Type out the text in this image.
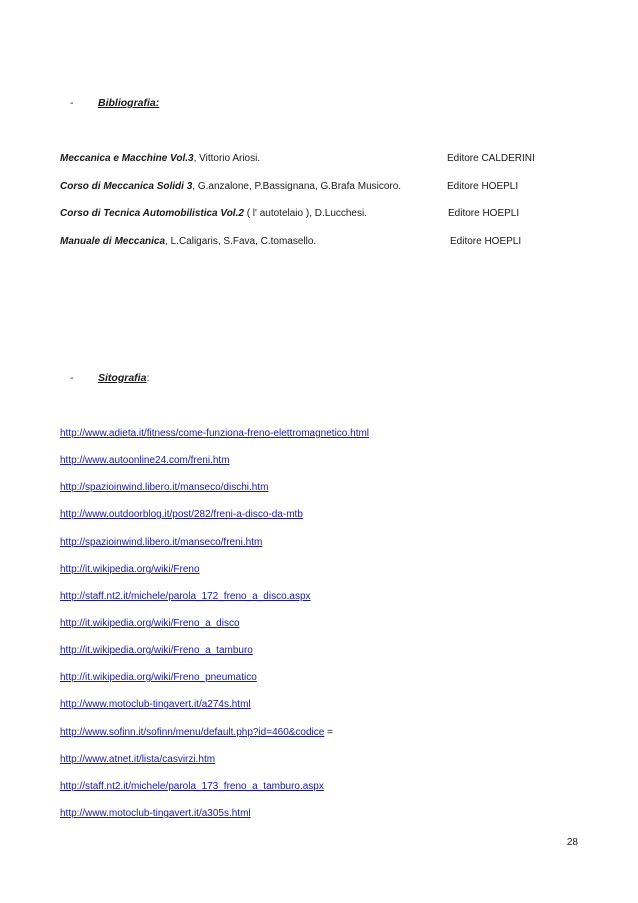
- Bibliografia:
Meccanica e Macchine Vol.3, Vittorio Ariosi.	Editore CALDERINI
Corso di Meccanica Solidi 3, G.anzalone, P.Bassignana, G.Brafa Musicoro.	Editore HOEPLI
Corso di Tecnica Automobilistica Vol.2 ( l' autotelaio ), D.Lucchesi.	Editore HOEPLI
Manuale di Meccanica, L.Caligaris, S.Fava, C.tomasello.	Editore HOEPLI
- Sitografia:
http://www.adieta.it/fitness/come-funziona-freno-elettromagnetico.html
http://www.autoonline24.com/freni.htm
http://spazioinwind.libero.it/manseco/dischi.htm
http://www.outdoorblog.it/post/282/freni-a-disco-da-mtb
http://spazioinwind.libero.it/manseco/freni.htm
http://it.wikipedia.org/wiki/Freno
http://staff.nt2.it/michele/parola_172_freno_a_disco.aspx
http://it.wikipedia.org/wiki/Freno_a_disco
http://it.wikipedia.org/wiki/Freno_a_tamburo
http://it.wikipedia.org/wiki/Freno_pneumatico
http://www.motoclub-tingavert.it/a274s.html
http://www.sofinn.it/sofinn/menu/default.php?id=460&codice =
http://www.atnet.it/lista/casvirzi.htm
http://staff.nt2.it/michele/parola_173_freno_a_tamburo.aspx
http://www.motoclub-tingavert.it/a305s.html
28
